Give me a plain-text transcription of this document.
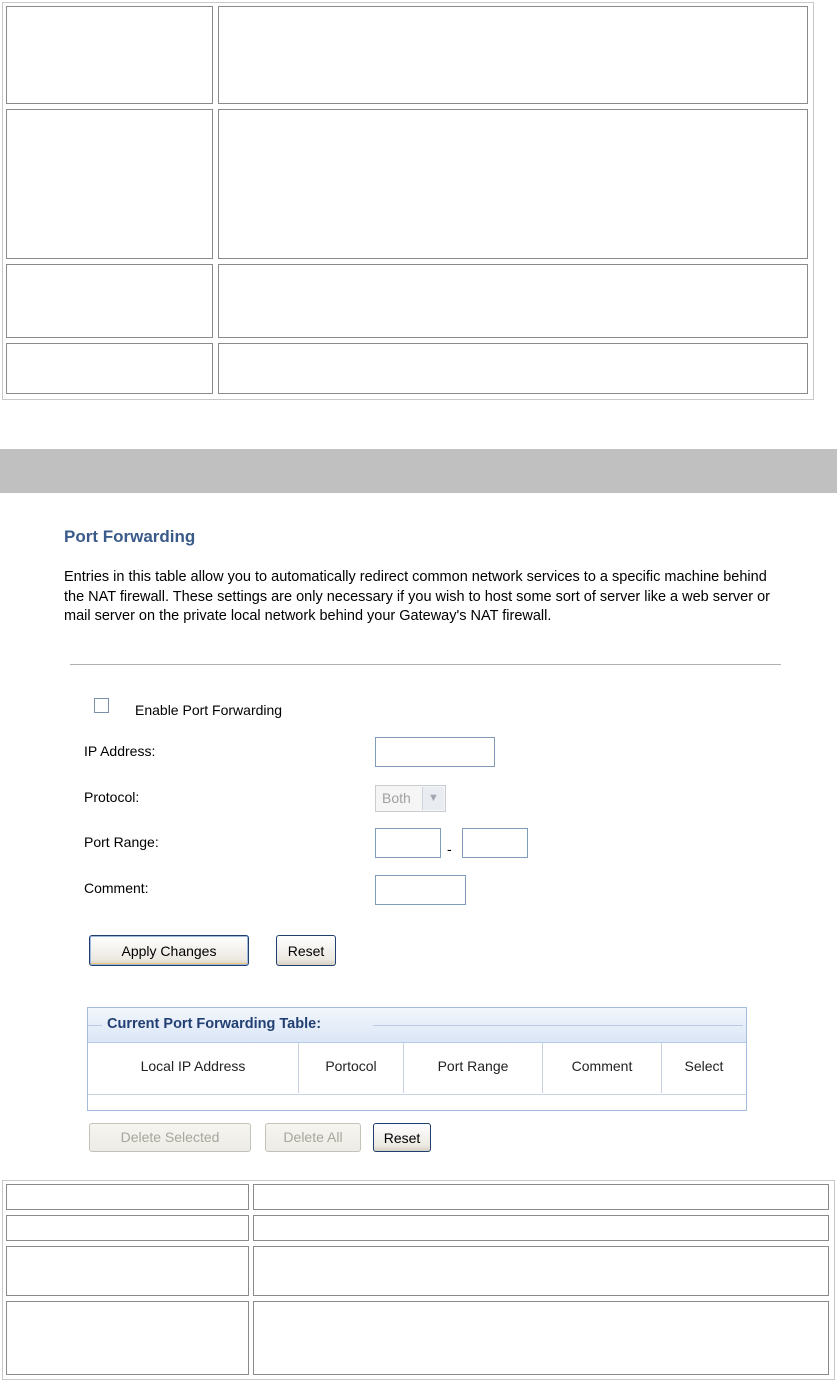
Port Forwarding
Entries in this table allow you to automatically redirect common network services to a specific machine behind the NAT firewall. These settings are only necessary if you wish to host some sort of server like a web server or mail server on the private local network behind your Gateway's NAT firewall.
Enable Port Forwarding
IP Address:
Protocol:	Both	▼
Port Range:	-
Comment:
Apply Changes	Reset
Current Port Forwarding Table:
Local IP Address	Portocol	Port Range	Comment	Select
Delete Selected	Delete All	Reset
